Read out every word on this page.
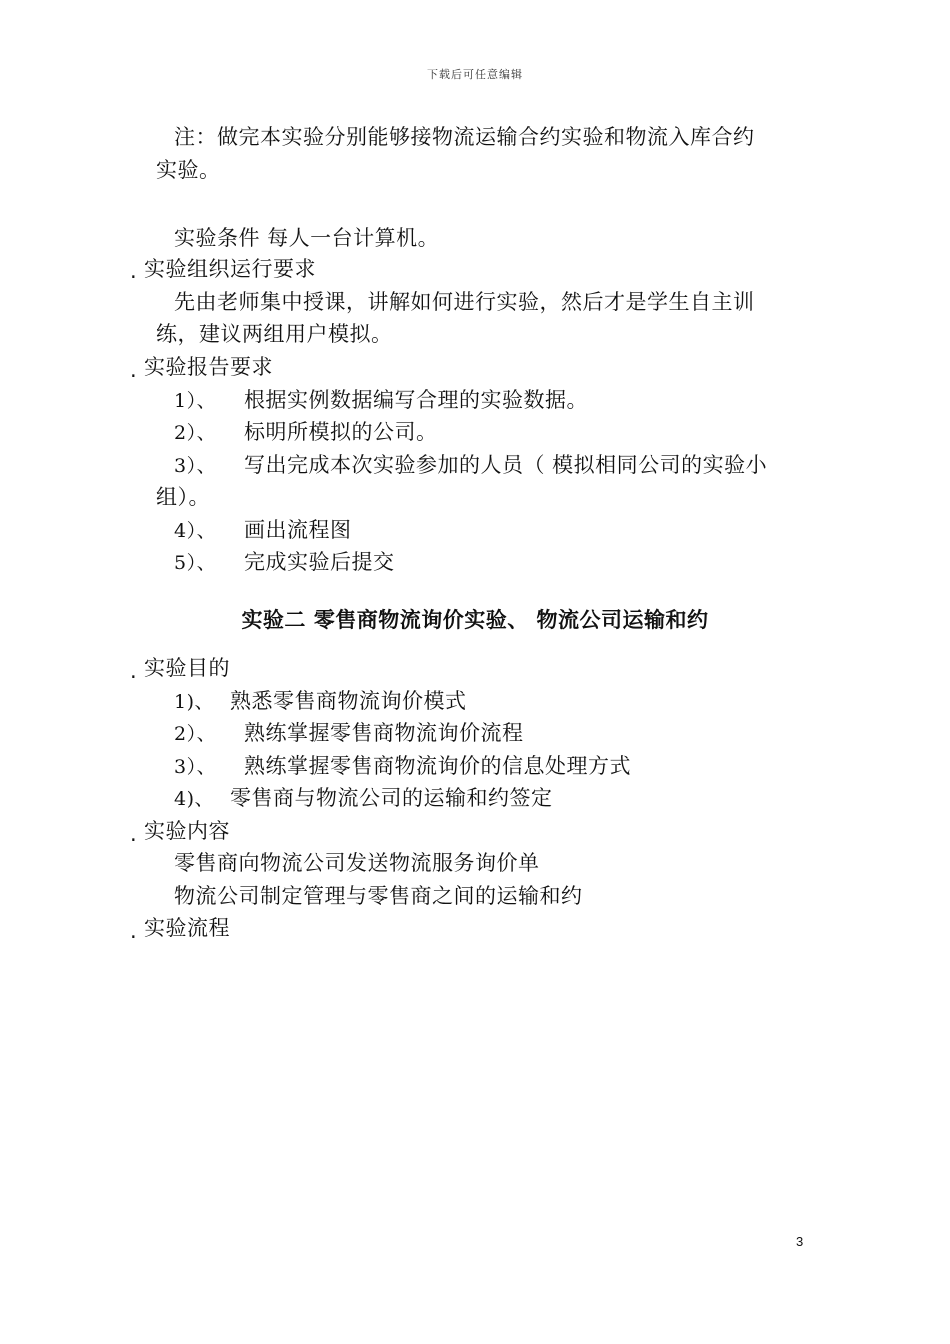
下载后可任意编辑
注：做完本实验分别能够接物流运输合约实验和物流入库合约
实验。
实验条件 每人一台计算机。
. 实验组织运行要求
先由老师集中授课，讲解如何进行实验，然后才是学生自主训
练，建议两组用户模拟。
. 实验报告要求
1）、 根据实例数据编写合理的实验数据。
2）、 标明所模拟的公司。
3）、 写出完成本次实验参加的人员（ 模拟相同公司的实验小
组）。
4）、 画出流程图
5）、 完成实验后提交
实验二 零售商物流询价实验、 物流公司运输和约
. 实验目的
1)、 熟悉零售商物流询价模式
2）、 熟练掌握零售商物流询价流程
3）、 熟练掌握零售商物流询价的信息处理方式
4)、 零售商与物流公司的运输和约签定
. 实验内容
零售商向物流公司发送物流服务询价单
物流公司制定管理与零售商之间的运输和约
. 实验流程
3
